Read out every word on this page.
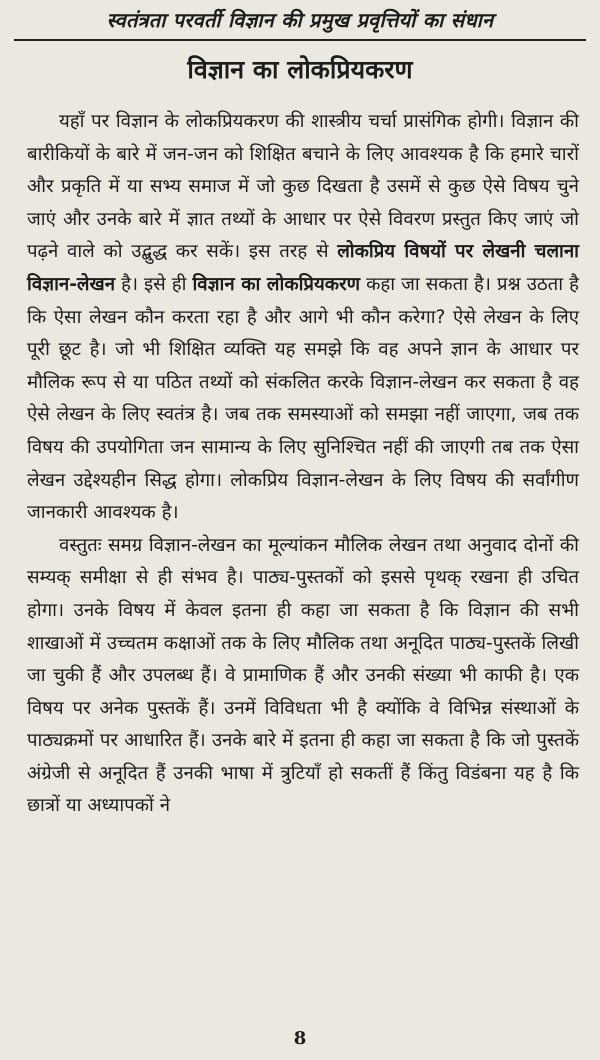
स्वतंत्रता परवर्ती विज्ञान की प्रमुख प्रवृत्तियों का संधान
विज्ञान का लोकप्रियकरण

यहाँ पर विज्ञान के लोकप्रियकरण की शास्त्रीय चर्चा प्रासंगिक होगी। विज्ञान की बारीकियों के बारे में जन-जन को शिक्षित बचाने के लिए आवश्यक है कि हमारे चारों और प्रकृति में या सभ्य समाज में जो कुछ दिखता है उसमें से कुछ ऐसे विषय चुने जाएं और उनके बारे में ज्ञात तथ्यों के आधार पर ऐसे विवरण प्रस्तुत किए जाएं जो पढ़ने वाले को उद्बुद्ध कर सकें। इस तरह से लोकप्रिय विषयों पर लेखनी चलाना विज्ञान-लेखन है। इसे ही विज्ञान का लोकप्रियकरण कहा जा सकता है। प्रश्न उठता है कि ऐसा लेखन कौन करता रहा है और आगे भी कौन करेगा? ऐसे लेखन के लिए पूरी छूट है। जो भी शिक्षित व्यक्ति यह समझे कि वह अपने ज्ञान के आधार पर मौलिक रूप से या पठित तथ्यों को संकलित करके विज्ञान-लेखन कर सकता है वह ऐसे लेखन के लिए स्वतंत्र है। जब तक समस्याओं को समझा नहीं जाएगा, जब तक विषय की उपयोगिता जन सामान्य के लिए सुनिश्चित नहीं की जाएगी तब तक ऐसा लेखन उद्देश्यहीन सिद्ध होगा। लोकप्रिय विज्ञान-लेखन के लिए विषय की सर्वांगीण जानकारी आवश्यक है।

वस्तुतः समग्र विज्ञान-लेखन का मूल्यांकन मौलिक लेखन तथा अनुवाद दोनों की सम्यक् समीक्षा से ही संभव है। पाठ्य-पुस्तकों को इससे पृथक् रखना ही उचित होगा। उनके विषय में केवल इतना ही कहा जा सकता है कि विज्ञान की सभी शाखाओं में उच्चतम कक्षाओं तक के लिए मौलिक तथा अनूदित पाठ्य-पुस्तकें लिखी जा चुकी हैं और उपलब्ध हैं। वे प्रामाणिक हैं और उनकी संख्या भी काफी है। एक विषय पर अनेक पुस्तकें हैं। उनमें विविधता भी है क्योंकि वे विभिन्न संस्थाओं के पाठ्यक्रमों पर आधारित हैं। उनके बारे में इतना ही कहा जा सकता है कि जो पुस्तकें अंग्रेजी से अनूदित हैं उनकी भाषा में त्रुटियाँ हो सकतीं हैं किंतु विडंबना यह है कि छात्रों या अध्यापकों ने

8
